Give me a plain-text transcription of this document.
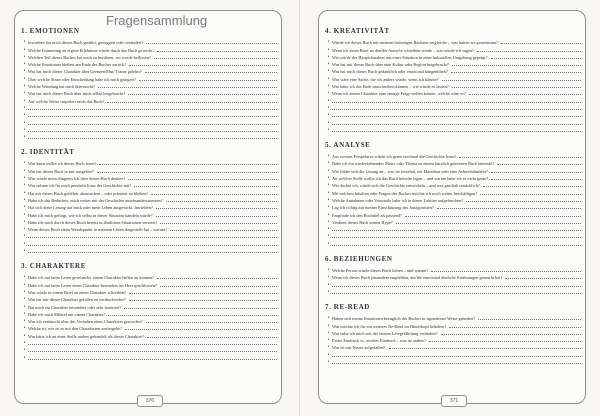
Fragensammlung
1. EMOTIONEN
• Inwiefern hat mich dieses Buch gerührt, gewiggert oder verändert?
• Welche Erinnerung an eigene Erlebnisse würde durch das Buch geweckt?
• Welchen Teil dieses Buches hat mich zu berühren, wo wurde beflissen?
• Welche Emotionen bleiben am Ende des Buches zurück?
• Was hat mich dieser Charakter über Grenzen/Mut/ Trauer gelehrt?
• Über welche Sinne oder Entscheidung habe ich mich geärgert?
• Welche Wendung hat mich überrascht?
• Was hat mich dieses Buch über mich selbst beigebracht?
• Auf welche Weise inspiriert mich das Buch?
•
•
•
•
•
2. IDENTITÄT
• Was kann wollte ich dieses Buch lesen?
• Was hat dieses Buch in mir ausgelöst?
• Was würde mein Jüngeres Ich über dieses Buch denken?
• Was nehme ich für mich persönlich aus der Geschichte mit?
• Hat mir dieses Buch gefallen, abzusuchen – oder prämiert zu bleiben?
• Habe ich das Bedürfnis, mich weiter mit der Geschichte auseinanderzusetzen?
• Hat sich diese Lesung auf mich oder mein Leben ausgewirkt. Inwiefern?
• Habe ich mich gefragt, wie ich selbst in dieser Situation handeln würde?
• Habe ich mich durch dieses Buch bereits in ähnlichen Situationen versetzt?
• Wenn dieses Buch einen Wendepunkt in meinem Leben dargestellt hat – warum?
•
•
•
3. CHARAKTERE
• Habe ich mit beim Lesen gewünscht, einem Charakter helfen zu können?
• Habe ich mit beim Lesen einen Charakter besonders ins Herz geschlossen?
• Was würde in einem Brief an einen Charakter schreiben?
• Was hat mir dieser Charakter gefallen zu verabschieden?
• Hat mich ein Charakter besonders oder sehr frustriert?
• Habe ich mich Mitleid mit einem Charakter?
• Was ich enttäuscht über das Verhalten eines Charakters geworden?
• Welche ist, wie ist es mit den Charakteren weitergehe?
• Was hätte ich an einer Stelle anders gehandelt als dieser Charakter?
•
•
•
370
4. KREATIVITÄT
• Würde ich dieses Buch mit meinem bisherigen Büchern vergleiche – was hatten sie gemeinsam?
• Wenn ich einen Brief an den/die Autor/in schreiben würde – was würde ich sagen?
• Wie würde der Hauptcharakter um einer Situation in einer kulturellen Umgebung geprägt?
• Was hat mir dieses Buch über eine Kultur oder Region beigebracht?
• Was hat mich dieses Buch gedanklich oder emotional hängenblieb?
• Was wäre eine Sache, die ich anders würde, wenn ich könnte?
• Wie hätte ich das Ende umschreiben können – wie würde es lauten?
• Wenn ich einem Charakter eine einzige Frage stellen könnte, welche wäre es?
•
•
•
•
•
5. ANALYSE
• Aus wessen Perspektive würde ich gerne nochmal die Geschichte lesen?
• Habe ich ein wiederkehrendes Motiv oder Thema zu einem kürzlich gelesenen Buch bemerkt?
• Wie fühlte sich die Lesung an – war sie fesselnd, ein Marathon oder eine Achterbahnfahrt?
• An welcher Stelle wollte ich das Buch beiseite legen – und warum habe ich es nicht getan?
• Wie dachte ich, würde sich die Geschichte entwickeln – und was geschah tatsächlich?
• Mit welchen Inhalten oder Fragen des Buches möchte ich mich weiter beschäftigen?
• Welche Annahmen oder Vorurteile habe ich in dieser Lektüre aufgebrochen?
• Lag ich richtig mit meiner Einschätzung des Antagonisten?
• Empfinde ich den Buchtitel als passend?
• Verdient dieses Buch seinen Hype?
•
•
•
6. BEZIEHUNGEN
• Welche Person würde dieses Buch lieben – und warum?
• Wenn ich dieses Buch jemandem empfehlen, die/die emotional ähnliche Erfahrungen gemacht hat?
•
•
7. RE-READ
• Haben sich meine Emotionen bezüglich des Buches in irgendeiner Weise geändert?
• Was möchte ich für ein weiteres Re-Read im Hinterkopf behalten?
• Was habe ich mich seit der letzten Lesegefährlung verändert?
• Erster Eindruck vs. zweiter Eindruck – was ist anders?
• Was ist mir Neues aufgefallen?
•
•
371
